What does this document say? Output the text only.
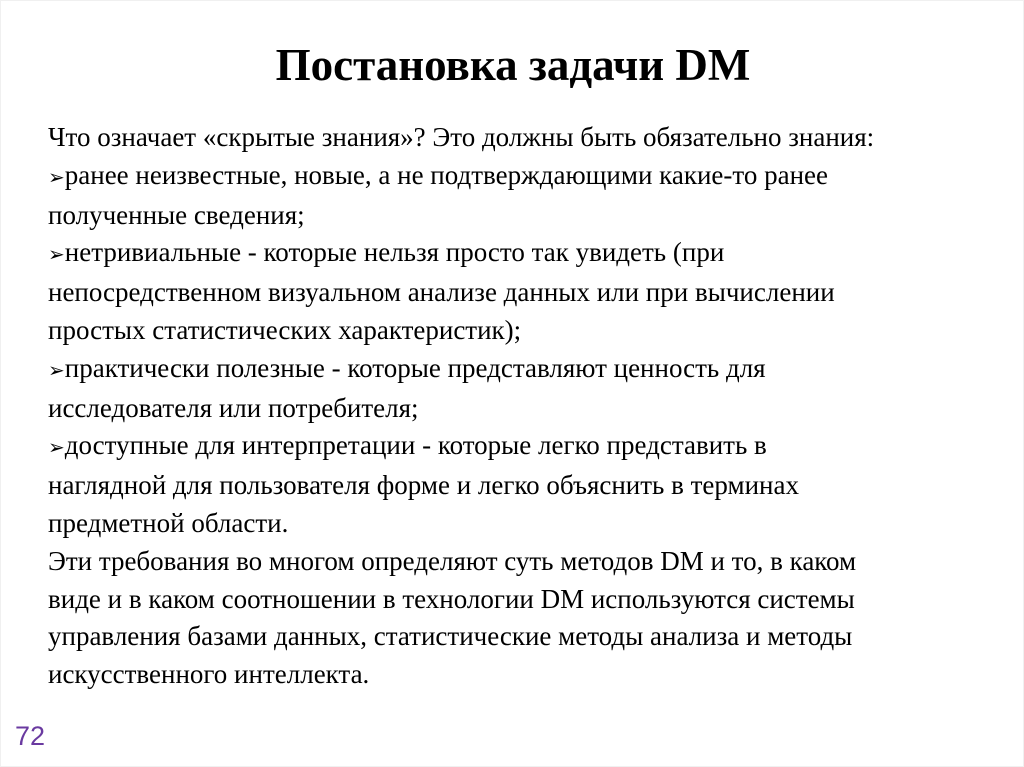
Постановка задачи DM
Что означает «скрытые знания»? Это должны быть обязательно знания:
➢ранее неизвестные, новые, а не подтверждающими какие-то ранее
полученные сведения;
➢нетривиальные - которые нельзя просто так увидеть (при
непосредственном визуальном анализе данных или при вычислении
простых статистических характеристик);
➢практически полезные - которые представляют ценность для
исследователя или потребителя;
➢доступные для интерпретации - которые легко представить в
наглядной для пользователя форме и легко объяснить в терминах
предметной области.
Эти требования во многом определяют суть методов DM и то, в каком
виде и в каком соотношении в технологии DM используются системы
управления базами данных, статистические методы анализа и методы
искусственного интеллекта.
72
